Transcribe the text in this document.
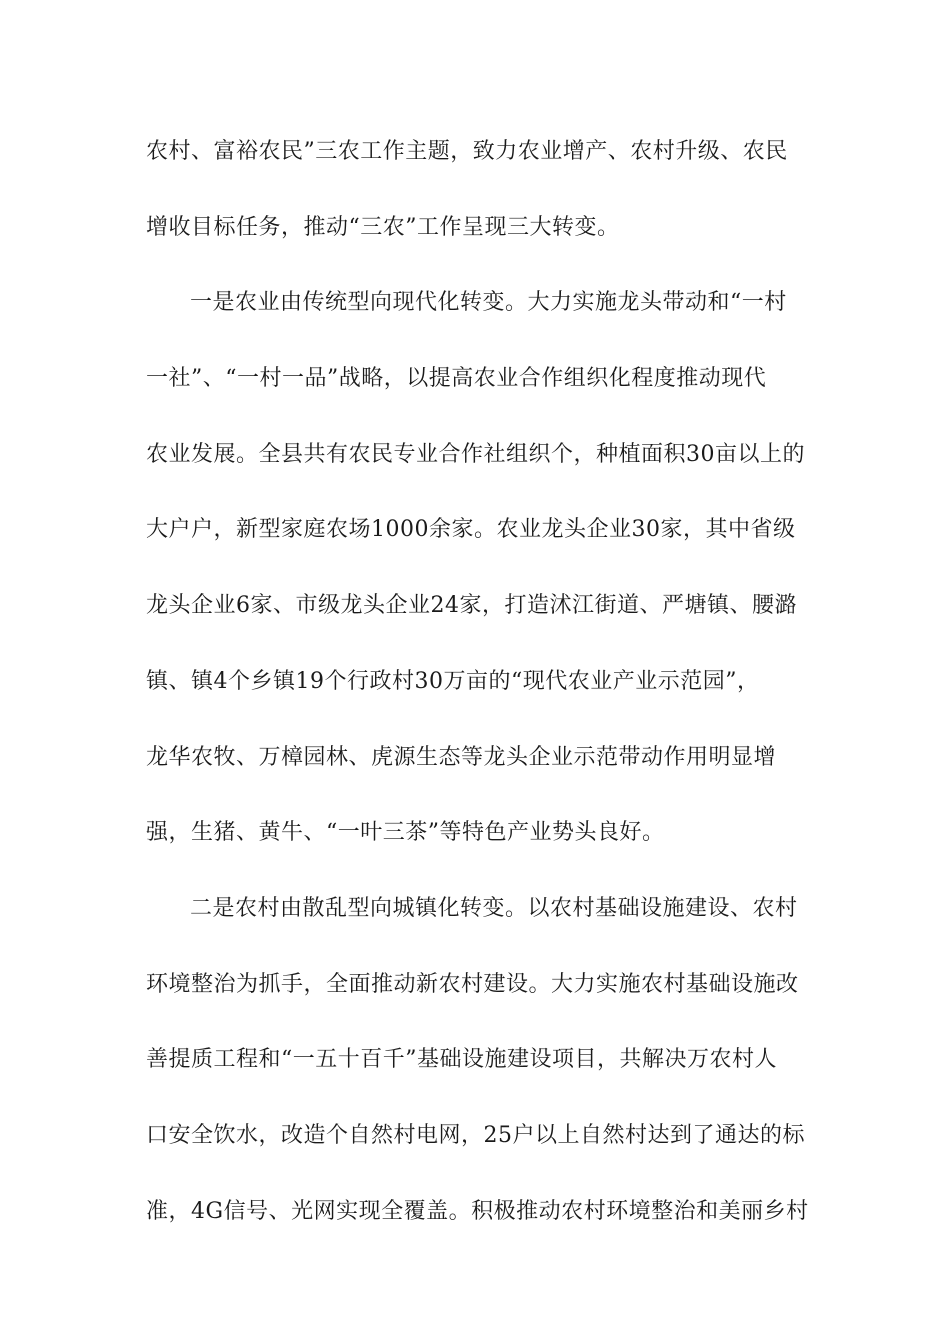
农村、富裕农民”三农工作主题，致力农业增产、农村升级、农民
增收目标任务，推动“三农”工作呈现三大转变。
一是农业由传统型向现代化转变。大力实施龙头带动和“一村
一社”、“一村一品”战略，以提高农业合作组织化程度推动现代
农业发展。全县共有农民专业合作社组织个，种植面积30亩以上的
大户户，新型家庭农场1000余家。农业龙头企业30家，其中省级
龙头企业6家、市级龙头企业24家，打造沭江街道、严塘镇、腰潞
镇、镇4个乡镇19个行政村30万亩的“现代农业产业示范园”，
龙华农牧、万樟园林、虎源生态等龙头企业示范带动作用明显增
强，生猪、黄牛、“一叶三茶”等特色产业势头良好。
二是农村由散乱型向城镇化转变。以农村基础设施建设、农村
环境整治为抓手，全面推动新农村建设。大力实施农村基础设施改
善提质工程和“一五十百千”基础设施建设项目，共解决万农村人
口安全饮水，改造个自然村电网，25户以上自然村达到了通达的标
准，4G信号、光网实现全覆盖。积极推动农村环境整治和美丽乡村
